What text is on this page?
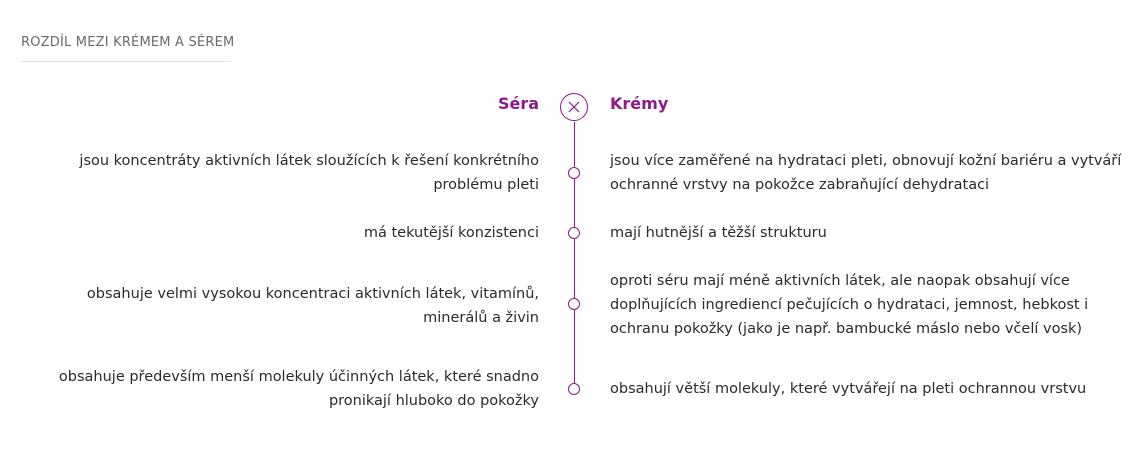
ROZDÍL MEZI KRÉMEM A SÉREM
Séra	Krémy
jsou koncentráty aktivních látek sloužících k řešení konkrétního problému pleti
jsou více zaměřené na hydrataci pleti, obnovují kožní bariéru a vytváří ochranné vrstvy na pokožce zabraňující dehydrataci
má tekutější konzistenci	mají hutnější a těžší strukturu
obsahuje velmi vysokou koncentraci aktivních látek, vitamínů, minerálů a živin
oproti séru mají méně aktivních látek, ale naopak obsahují více doplňujících ingrediencí pečujících o hydrataci, jemnost, hebkost i ochranu pokožky (jako je např. bambucké máslo nebo včelí vosk)
obsahuje především menší molekuly účinných látek, které snadno pronikají hluboko do pokožky
obsahují větší molekuly, které vytvářejí na pleti ochrannou vrstvu
